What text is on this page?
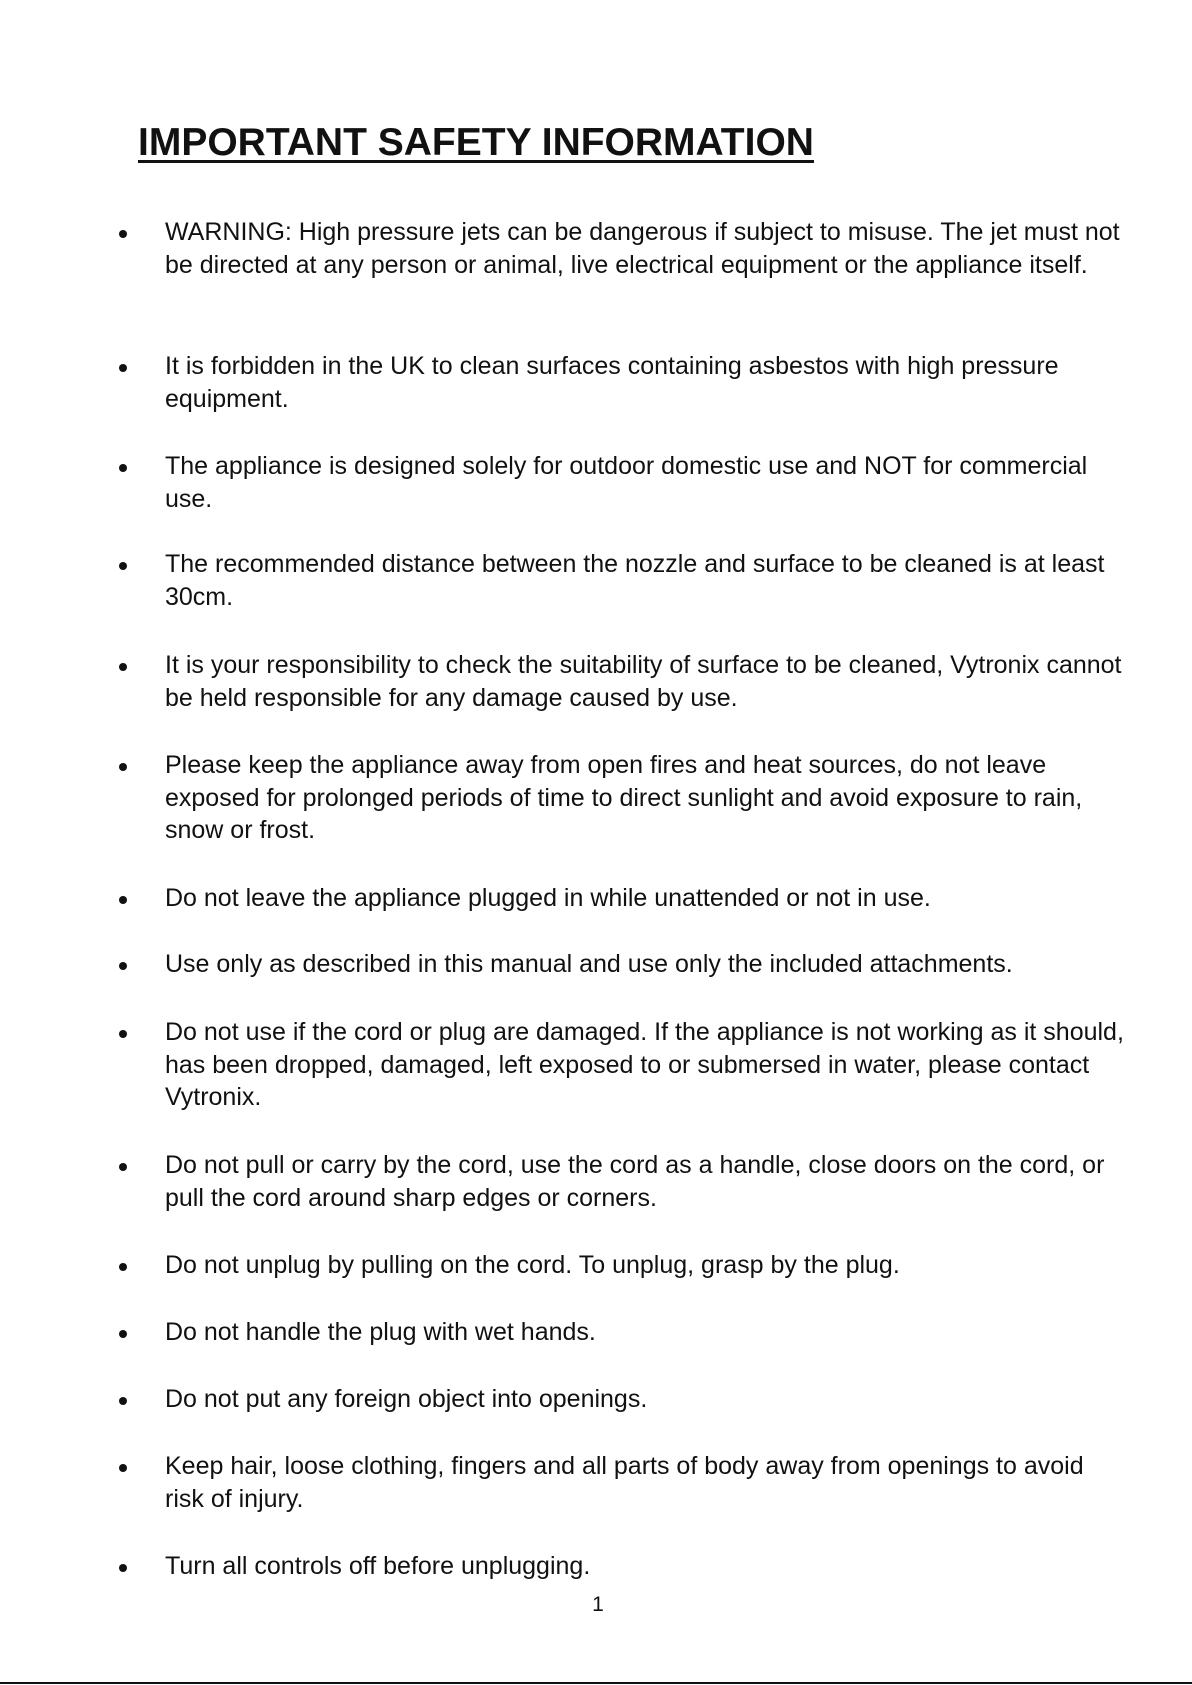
IMPORTANT SAFETY INFORMATION
WARNING: High pressure jets can be dangerous if subject to misuse. The jet must not be directed at any person or animal, live electrical equipment or the appliance itself.
It is forbidden in the UK to clean surfaces containing asbestos with high pressure equipment.
The appliance is designed solely for outdoor domestic use and NOT for commercial use.
The recommended distance between the nozzle and surface to be cleaned is at least 30cm.
It is your responsibility to check the suitability of surface to be cleaned, Vytronix cannot be held responsible for any damage caused by use.
Please keep the appliance away from open fires and heat sources, do not leave exposed for prolonged periods of time to direct sunlight and avoid exposure to rain, snow or frost.
Do not leave the appliance plugged in while unattended or not in use.
Use only as described in this manual and use only the included attachments.
Do not use if the cord or plug are damaged. If the appliance is not working as it should, has been dropped, damaged, left exposed to or submersed in water, please contact Vytronix.
Do not pull or carry by the cord, use the cord as a handle, close doors on the cord, or pull the cord around sharp edges or corners.
Do not unplug by pulling on the cord. To unplug, grasp by the plug.
Do not handle the plug with wet hands.
Do not put any foreign object into openings.
Keep hair, loose clothing, fingers and all parts of body away from openings to avoid risk of injury.
Turn all controls off before unplugging.
1
